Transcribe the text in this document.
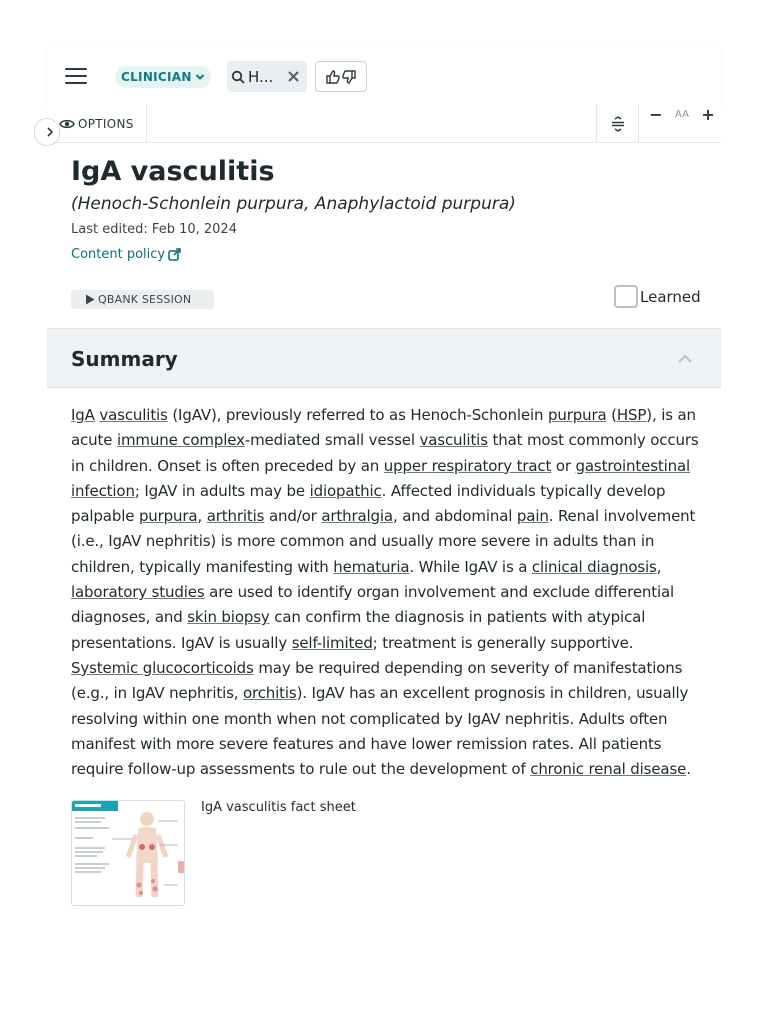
CLINICIAN	H...
OPTIONS	− AA +
IgA vasculitis
(Henoch-Schonlein purpura, Anaphylactoid purpura)
Last edited: Feb 10, 2024
Content policy
QBANK SESSION	Learned
Summary

IgA vasculitis (IgAV), previously referred to as Henoch-Schonlein purpura (HSP), is an acute immune complex-mediated small vessel vasculitis that most commonly occurs in children. Onset is often preceded by an upper respiratory tract or gastrointestinal infection; IgAV in adults may be idiopathic. Affected individuals typically develop palpable purpura, arthritis and/or arthralgia, and abdominal pain. Renal involvement (i.e., IgAV nephritis) is more common and usually more severe in adults than in children, typically manifesting with hematuria. While IgAV is a clinical diagnosis, laboratory studies are used to identify organ involvement and exclude differential diagnoses, and skin biopsy can confirm the diagnosis in patients with atypical presentations. IgAV is usually self-limited; treatment is generally supportive. Systemic glucocorticoids may be required depending on severity of manifestations (e.g., in IgAV nephritis, orchitis). IgAV has an excellent prognosis in children, usually resolving within one month when not complicated by IgAV nephritis. Adults often manifest with more severe features and have lower remission rates. All patients require follow-up assessments to rule out the development of chronic renal disease.

IgA vasculitis fact sheet
